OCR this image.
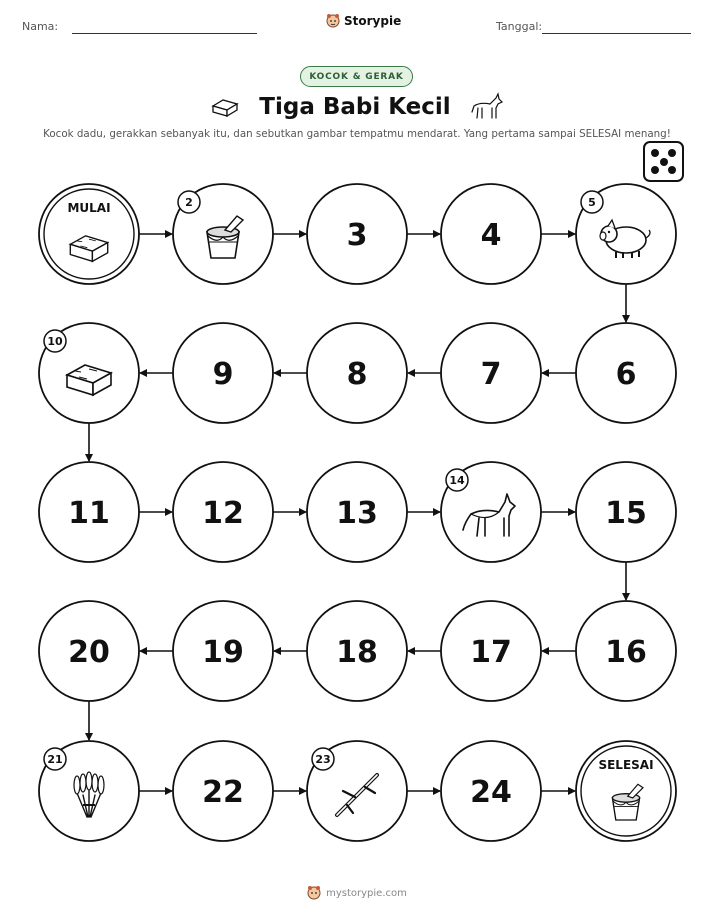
Nama:	Storypie	Tanggal:
KOCOK & GERAK
Tiga Babi Kecil
Kocok dadu, gerakkan sebanyak itu, dan sebutkan gambar tempatmu mendarat. Yang pertama sampai SELESAI menang!
MULAI	2
3	4
5
6
7
8
9
10
11	12	13
14
15
16
17
18
19
20
21
22
23
24
SELESAI
mystorypie.com
